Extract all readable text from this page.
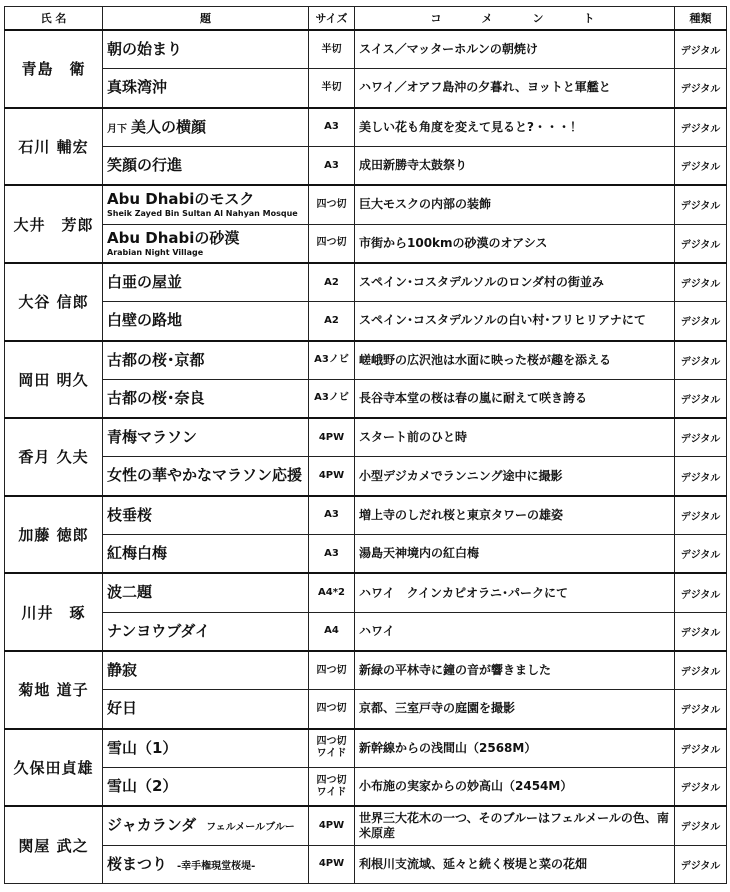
氏 名	題	サイズ	コメント	種類
青島　衛	朝の始まり	半切	スイス／マッターホルンの朝焼け	デジタル
	真珠湾沖	半切	ハワイ／オアフ島沖の夕暮れ、ヨットと軍艦と	デジタル
石川 輔宏	月下 美人の横顔	A3	美しい花も角度を変えて見ると?・・・！	デジタル
	笑顔の行進	A3	成田新勝寺太鼓祭り	デジタル
大井　芳郎	Abu Dhabiのモスク
Sheik Zayed Bin Sultan Al Nahyan Mosque	四つ切	巨大モスクの内部の装飾	デジタル
	Abu Dhabiの砂漠
Arabian Night Village	四つ切	市街から100kmの砂漠のオアシス	デジタル
大谷 信郎	白亜の屋並	A2	スペイン･コスタデルソルのロンダ村の街並み	デジタル
	白壁の路地	A2	スペイン･コスタデルソルの白い村･フリヒリアナにて	デジタル
岡田 明久	古都の桜･京都	A3ノビ	嵯峨野の広沢池は水面に映った桜が趣を添える	デジタル
	古都の桜･奈良	A3ノビ	長谷寺本堂の桜は春の嵐に耐えて咲き誇る	デジタル
香月 久夫	青梅マラソン	4PW	スタート前のひと時	デジタル
	女性の華やかなマラソン応援	4PW	小型デジカメでランニング途中に撮影	デジタル
加藤 徳郎	枝垂桜	A3	増上寺のしだれ桜と東京タワーの雄姿	デジタル
	紅梅白梅	A3	湯島天神境内の紅白梅	デジタル
川井　琢	波二題	A4*2	ハワイ　クインカピオラニ･パークにて	デジタル
	ナンヨウブダイ	A4	ハワイ	デジタル
菊地 道子	静寂	四つ切	新緑の平林寺に鐘の音が響きました	デジタル
	好日	四つ切	京都、三室戸寺の庭園を撮影	デジタル
久保田貞雄	雪山（1）	四つ切ワイド	新幹線からの浅間山（2568M）	デジタル
	雪山（2）	四つ切ワイド	小布施の実家からの妙高山（2454M）	デジタル
関屋 武之	ジャカランダ フェルメールブルー	4PW	世界三大花木の一つ、そのブルーはフェルメールの色、南米原産	デジタル
	桜まつり -幸手権現堂桜堤-	4PW	利根川支流域、延々と続く桜堤と菜の花畑	デジタル
